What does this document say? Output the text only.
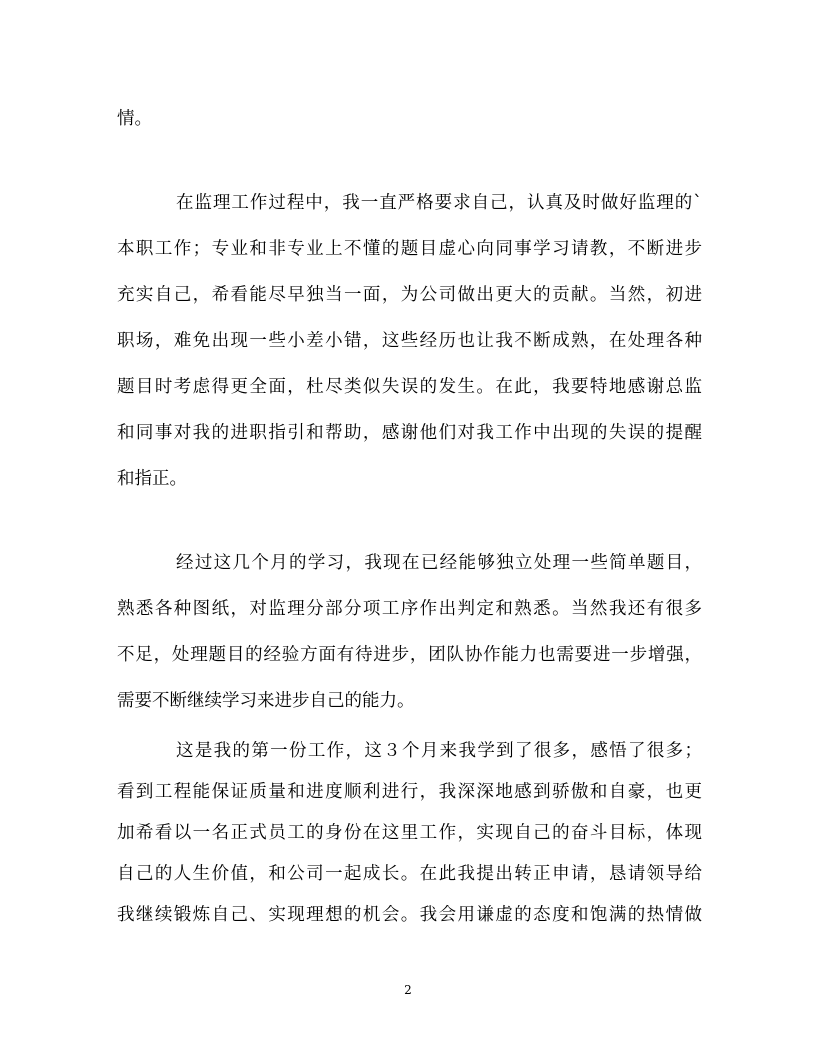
情。
在监理工作过程中，我一直严格要求自己，认真及时做好监理的`
本职工作；专业和非专业上不懂的题目虚心向同事学习请教，不断进步
充实自己，希看能尽早独当一面，为公司做出更大的贡献。当然，初进
职场，难免出现一些小差小错，这些经历也让我不断成熟，在处理各种
题目时考虑得更全面，杜尽类似失误的发生。在此，我要特地感谢总监
和同事对我的进职指引和帮助，感谢他们对我工作中出现的失误的提醒
和指正。
经过这几个月的学习，我现在已经能够独立处理一些简单题目，
熟悉各种图纸，对监理分部分项工序作出判定和熟悉。当然我还有很多
不足，处理题目的经验方面有待进步，团队协作能力也需要进一步增强，
需要不断继续学习来进步自己的能力。
这是我的第一份工作，这３个月来我学到了很多，感悟了很多；
看到工程能保证质量和进度顺利进行，我深深地感到骄傲和自豪，也更
加希看以一名正式员工的身份在这里工作，实现自己的奋斗目标，体现
自己的人生价值，和公司一起成长。在此我提出转正申请，恳请领导给
2
我继续锻炼自己、实现理想的机会。我会用谦虚的态度和饱满的热情做
